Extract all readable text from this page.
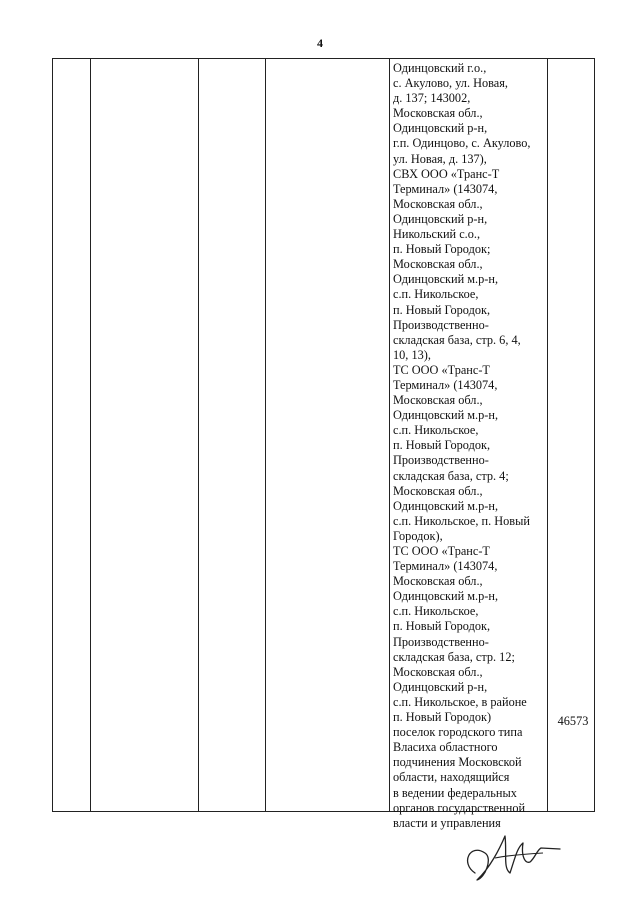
4
Одинцовский г.о.,
с. Акулово, ул. Новая,
д. 137; 143002,
Московская обл.,
Одинцовский р-н,
г.п. Одинцово, с. Акулово,
ул. Новая, д. 137),
СВХ ООО «Транс-Т
Терминал» (143074,
Московская обл.,
Одинцовский р-н,
Никольский с.о.,
п. Новый Городок;
Московская обл.,
Одинцовский м.р-н,
с.п. Никольское,
п. Новый Городок,
Производственно-
складская база, стр. 6, 4,
10, 13),
ТС ООО «Транс-Т
Терминал» (143074,
Московская обл.,
Одинцовский м.р-н,
с.п. Никольское,
п. Новый Городок,
Производственно-
складская база, стр. 4;
Московская обл.,
Одинцовский м.р-н,
с.п. Никольское, п. Новый
Городок),
ТС ООО «Транс-Т
Терминал» (143074,
Московская обл.,
Одинцовский м.р-н,
с.п. Никольское,
п. Новый Городок,
Производственно-
складская база, стр. 12;
Московская обл.,
Одинцовский р-н,
с.п. Никольское, в районе
п. Новый Городок)
поселок городского типа
Власиха областного
подчинения Московской
области, находящийся
в ведении федеральных
органов государственной
власти и управления
46573
